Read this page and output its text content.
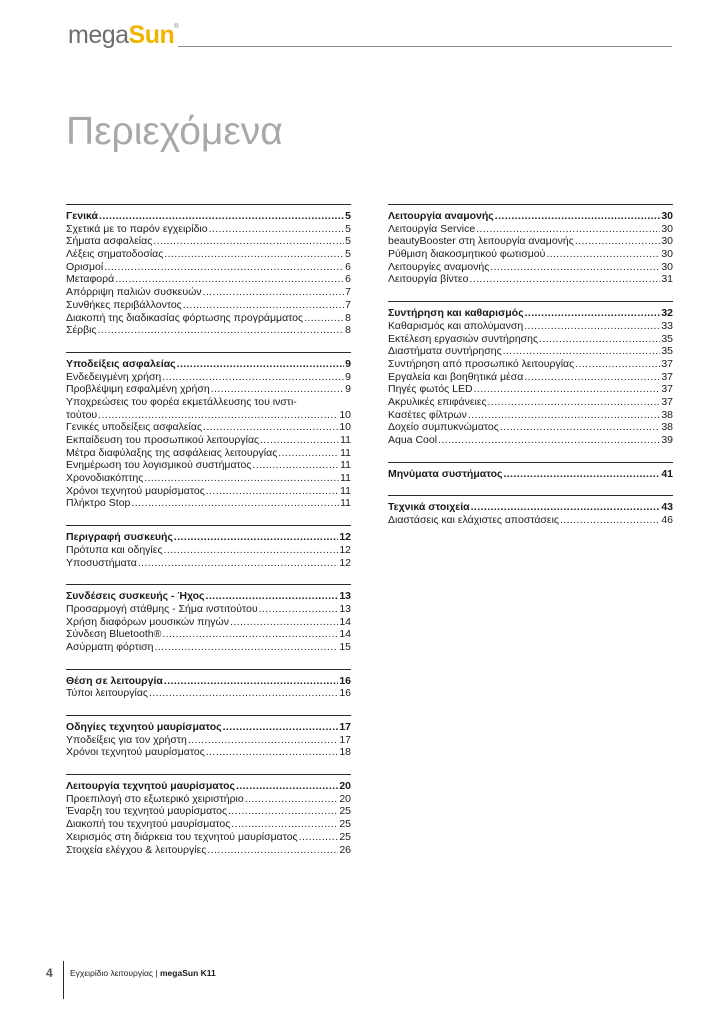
megaSun®
Περιεχόμενα
Γενικά .....	5
Σχετικά με το παρόν εγχειρίδιο .....	5
Σήματα ασφαλείας .....	5
Λέξεις σηματοδοσίας .....	5
Ορισμοί .....	6
Μεταφορά .....	6
Απόρριψη παλιών συσκευών .....	7
Συνθήκες περιβάλλοντος .....	7
Διακοπή της διαδικασίας φόρτωσης προγράμματος .....	8
Σέρβις .....	8
Υποδείξεις ασφαλείας .....	9
Ενδεδειγμένη χρήση .....	9
Προβλέψιμη εσφαλμένη χρήση .....	9
Υποχρεώσεις του φορέα εκμετάλλευσης του ινστι-
τούτου .....	10
Γενικές υποδείξεις ασφαλείας .....	10
Εκπαίδευση του προσωπικού λειτουργίας .....	11
Μέτρα διαφύλαξης της ασφάλειας λειτουργίας .....	11
Ενημέρωση του λογισμικού συστήματος .....	11
Χρονοδιακόπτης .....	11
Χρόνοι τεχνητού μαυρίσματος .....	11
Πλήκτρο Stop .....	11
Περιγραφή συσκευής .....	12
Πρότυπα και οδηγίες .....	12
Υποσυστήματα .....	12
Συνδέσεις συσκευής - Ήχος .....	13
Προσαρμογή στάθμης - Σήμα ινστιτούτου .....	13
Χρήση διαφόρων μουσικών πηγών .....	14
Σύνδεση Bluetooth® .....	14
Ασύρματη φόρτιση .....	15
Θέση σε λειτουργία .....	16
Τύποι λειτουργίας .....	16
Οδηγίες τεχνητού μαυρίσματος .....	17
Υποδείξεις για τον χρήστη .....	17
Χρόνοι τεχνητού μαυρίσματος .....	18
Λειτουργία τεχνητού μαυρίσματος .....	20
Προεπιλογή στο εξωτερικό χειριστήριο .....	20
Έναρξη του τεχνητού μαυρίσματος .....	25
Διακοπή του τεχνητού μαυρίσματος .....	25
Χειρισμός στη διάρκεια του τεχνητού μαυρίσματος .....	25
Στοιχεία ελέγχου & λειτουργίες .....	26
Λειτουργία αναμονής .....	30
Λειτουργία Service .....	30
beautyBooster στη λειτουργία αναμονής .....	30
Ρύθμιση διακοσμητικού φωτισμού .....	30
Λειτουργίες αναμονής .....	30
Λειτουργία βίντεο .....	31
Συντήρηση και καθαρισμός .....	32
Καθαρισμός και απολύμανση .....	33
Εκτέλεση εργασιών συντήρησης .....	35
Διαστήματα συντήρησης .....	35
Συντήρηση από προσωπικό λειτουργίας .....	37
Εργαλεία και βοηθητικά μέσα .....	37
Πηγές φωτός LED .....	37
Ακρυλικές επιφάνειες .....	37
Κασέτες φίλτρων .....	38
Δοχείο συμπυκνώματος .....	38
Aqua Cool .....	39
Μηνύματα συστήματος .....	41
Τεχνικά στοιχεία .....	43
Διαστάσεις και ελάχιστες αποστάσεις .....	46
4 Εγχειρίδιο λειτουργίας | megaSun K11
